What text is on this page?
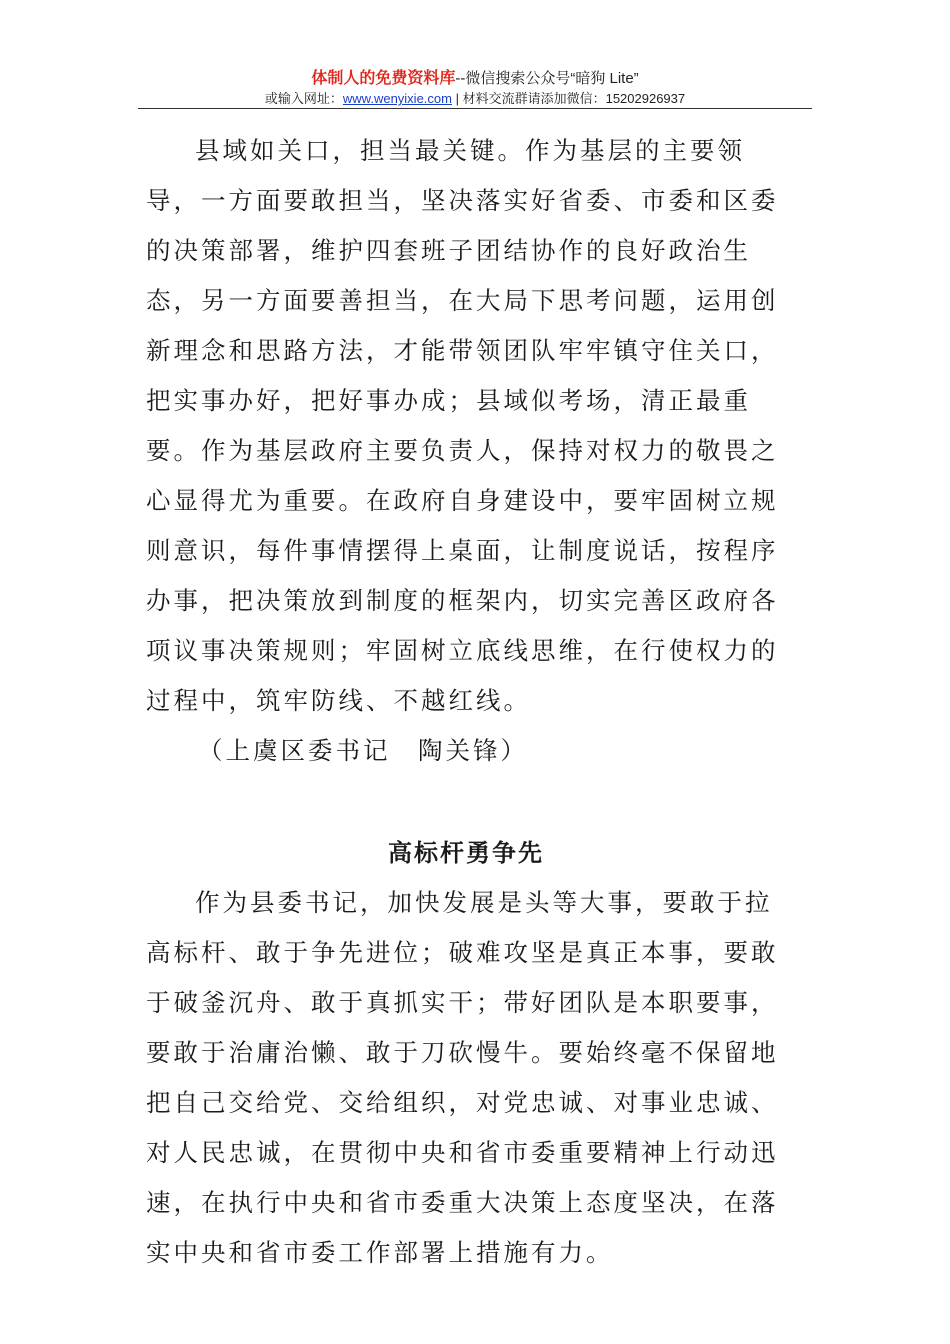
体制人的免费资料库--微信搜索公众号“暗狗 Lite”
或输入网址：www.wenyixie.com | 材料交流群请添加微信：15202926937

县域如关口，担当最关键。作为基层的主要领导，一方面要敢担当，坚决落实好省委、市委和区委的决策部署，维护四套班子团结协作的良好政治生态，另一方面要善担当，在大局下思考问题，运用创新理念和思路方法，才能带领团队牢牢镇守住关口，把实事办好，把好事办成；县域似考场，清正最重要。作为基层政府主要负责人，保持对权力的敬畏之心显得尤为重要。在政府自身建设中，要牢固树立规则意识，每件事情摆得上桌面，让制度说话，按程序办事，把决策放到制度的框架内，切实完善区政府各项议事决策规则；牢固树立底线思维，在行使权力的过程中，筑牢防线、不越红线。

（上虞区委书记　陶关锋）

高标杆勇争先

作为县委书记，加快发展是头等大事，要敢于拉高标杆、敢于争先进位；破难攻坚是真正本事，要敢于破釜沉舟、敢于真抓实干；带好团队是本职要事，要敢于治庸治懒、敢于刀砍慢牛。要始终毫不保留地把自己交给党、交给组织，对党忠诚、对事业忠诚、对人民忠诚，在贯彻中央和省市委重要精神上行动迅速，在执行中央和省市委重大决策上态度坚决，在落实中央和省市委工作部署上措施有力。
